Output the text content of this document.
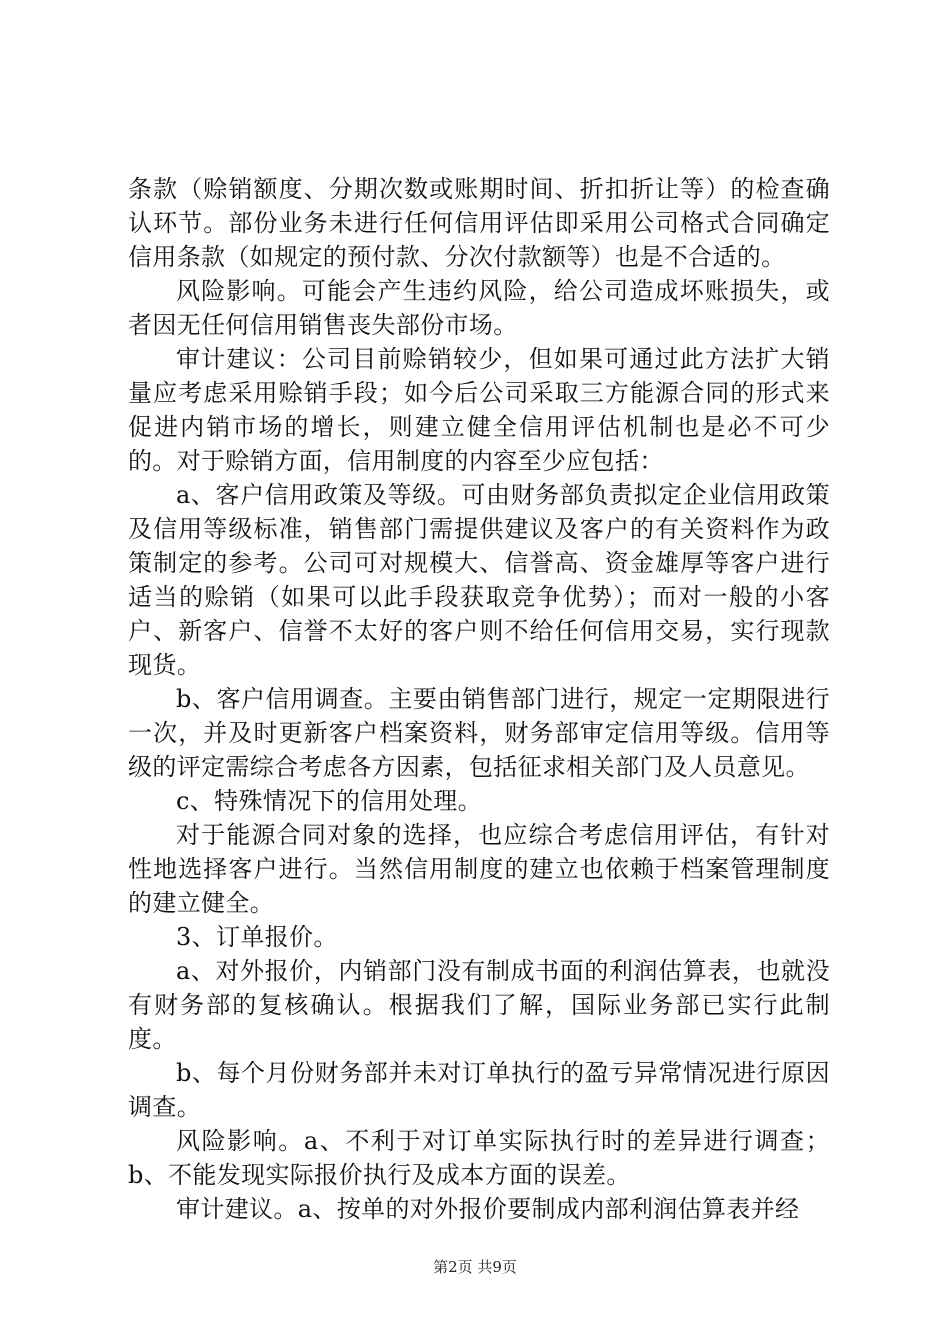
条款（赊销额度、分期次数或账期时间、折扣折让等）的检查确认环节。部份业务未进行任何信用评估即采用公司格式合同确定信用条款（如规定的预付款、分次付款额等）也是不合适的。

风险影响。可能会产生违约风险，给公司造成坏账损失，或者因无任何信用销售丧失部份市场。

审计建议：公司目前赊销较少，但如果可通过此方法扩大销量应考虑采用赊销手段；如今后公司采取三方能源合同的形式来促进内销市场的增长，则建立健全信用评估机制也是必不可少的。对于赊销方面，信用制度的内容至少应包括：

a、客户信用政策及等级。可由财务部负责拟定企业信用政策及信用等级标准，销售部门需提供建议及客户的有关资料作为政策制定的参考。公司可对规模大、信誉高、资金雄厚等客户进行适当的赊销（如果可以此手段获取竞争优势）；而对一般的小客户、新客户、信誉不太好的客户则不给任何信用交易，实行现款现货。

b、客户信用调查。主要由销售部门进行，规定一定期限进行一次，并及时更新客户档案资料，财务部审定信用等级。信用等级的评定需综合考虑各方因素，包括征求相关部门及人员意见。

c、特殊情况下的信用处理。

对于能源合同对象的选择，也应综合考虑信用评估，有针对性地选择客户进行。当然信用制度的建立也依赖于档案管理制度的建立健全。

3、订单报价。

a、对外报价，内销部门没有制成书面的利润估算表，也就没有财务部的复核确认。根据我们了解，国际业务部已实行此制度。

b、每个月份财务部并未对订单执行的盈亏异常情况进行原因调查。

风险影响。a、不利于对订单实际执行时的差异进行调查；b、不能发现实际报价执行及成本方面的误差。

审计建议。a、按单的对外报价要制成内部利润估算表并经

第2页 共9页
